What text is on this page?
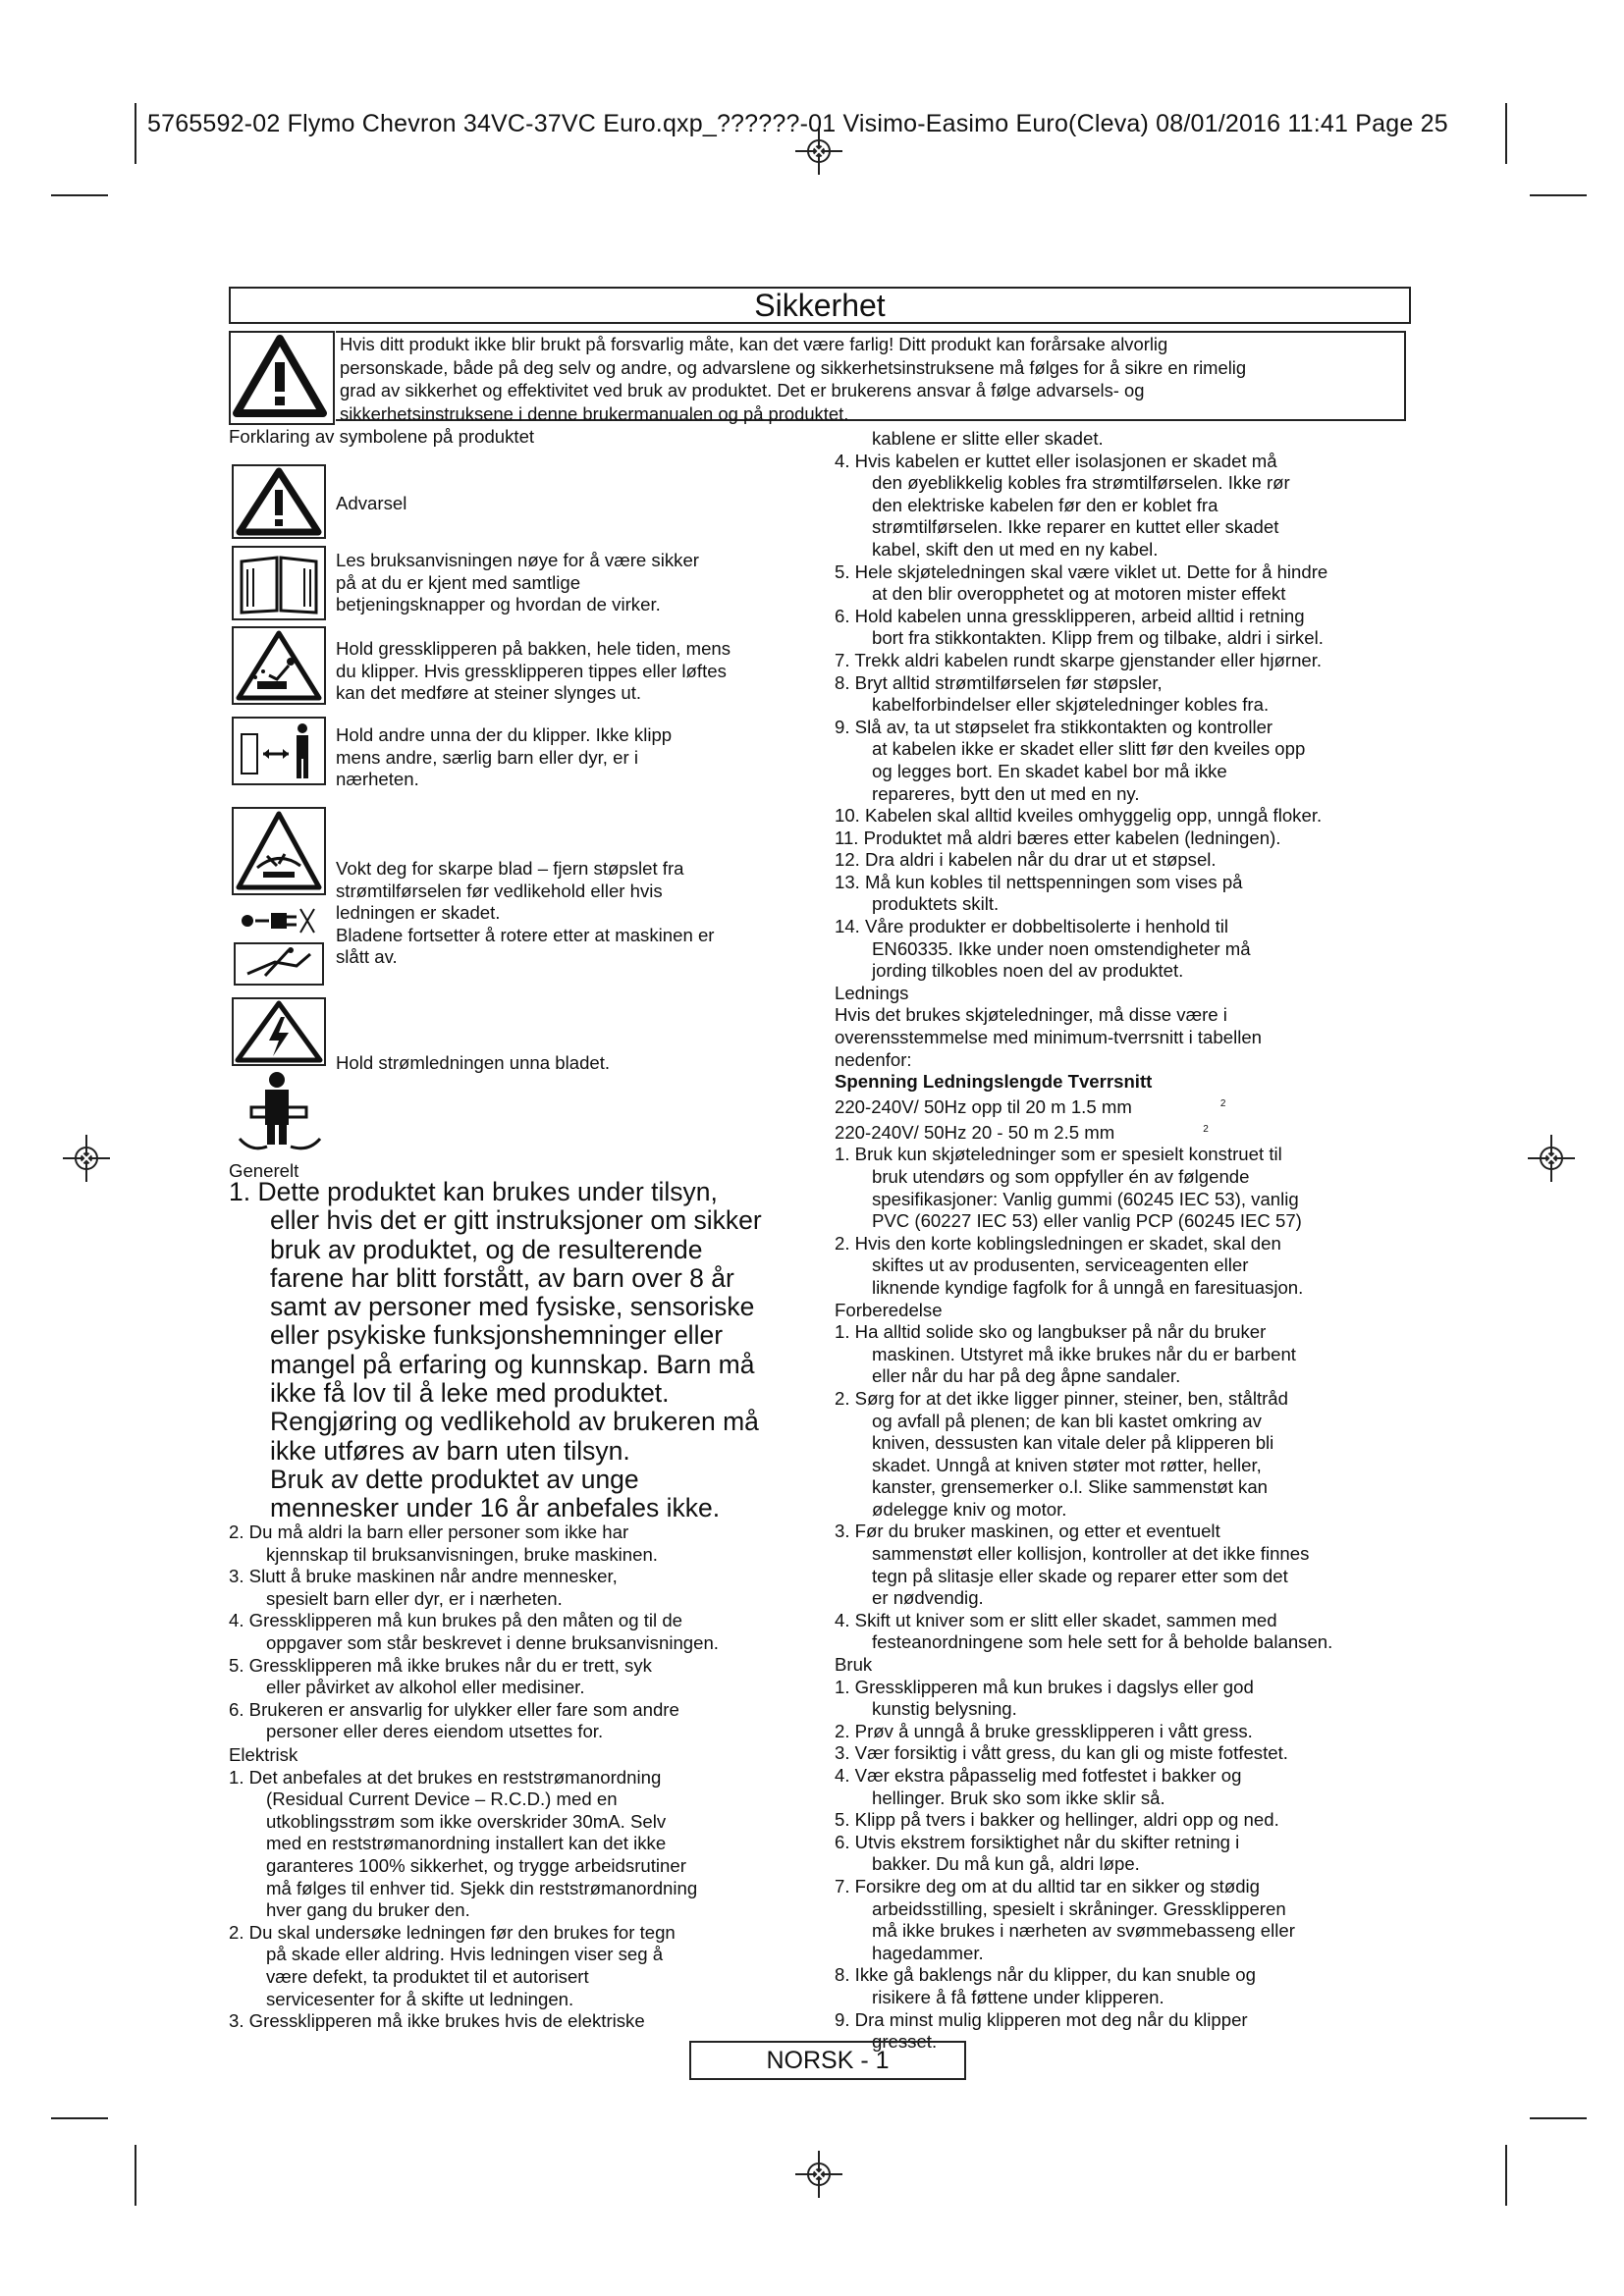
5765592-02 Flymo Chevron 34VC-37VC Euro.qxp_??????-01 Visimo-Easimo Euro(Cleva) 08/01/2016 11:41 Page 25
Sikkerhet
Hvis ditt produkt ikke blir brukt på forsvarlig måte, kan det være farlig! Ditt produkt kan forårsake alvorlig
personskade, både på deg selv og andre, og advarslene og sikkerhetsinstruksene må følges for å sikre en rimelig
grad av sikkerhet og effektivitet ved bruk av produktet. Det er brukerens ansvar å følge advarsels- og
sikkerhetsinstruksene i denne brukermanualen og på produktet.
Forklaring av symbolene på produktet
Advarsel
Les bruksanvisningen nøye for å være sikker
på at du er kjent med samtlige
betjeningsknapper og hvordan de virker.
Hold gressklipperen på bakken, hele tiden, mens
du klipper. Hvis gressklipperen tippes eller løftes
kan det medføre at steiner slynges ut.
Hold andre unna der du klipper. Ikke klipp
mens andre, særlig barn eller dyr, er i
nærheten.
Vokt deg for skarpe blad – fjern støpslet fra
strømtilførselen før vedlikehold eller hvis
ledningen er skadet.
Bladene fortsetter å rotere etter at maskinen er
slått av.
Hold strømledningen unna bladet.
Generelt
1. Dette produktet kan brukes under tilsyn,
eller hvis det er gitt instruksjoner om sikker
bruk av produktet, og de resulterende
farene har blitt forstått, av barn over 8 år
samt av personer med fysiske, sensoriske
eller psykiske funksjonshemninger eller
mangel på erfaring og kunnskap. Barn må
ikke få lov til å leke med produktet.
Rengjøring og vedlikehold av brukeren må
ikke utføres av barn uten tilsyn.
Bruk av dette produktet av unge
mennesker under 16 år anbefales ikke.
2. Du må aldri la barn eller personer som ikke har
kjennskap til bruksanvisningen, bruke maskinen.
3. Slutt å bruke maskinen når andre mennesker,
spesielt barn eller dyr, er i nærheten.
4. Gressklipperen må kun brukes på den måten og til de
oppgaver som står beskrevet i denne bruksanvisningen.
5. Gressklipperen må ikke brukes når du er trett, syk
eller påvirket av alkohol eller medisiner.
6. Brukeren er ansvarlig for ulykker eller fare som andre
personer eller deres eiendom utsettes for.
Elektrisk
1. Det anbefales at det brukes en reststrømanordning
(Residual Current Device – R.C.D.) med en
utkoblingsstrøm som ikke overskrider 30mA. Selv
med en reststrømanordning installert kan det ikke
garanteres 100% sikkerhet, og trygge arbeidsrutiner
må følges til enhver tid. Sjekk din reststrømanordning
hver gang du bruker den.
2. Du skal undersøke ledningen før den brukes for tegn
på skade eller aldring. Hvis ledningen viser seg å
være defekt, ta produktet til et autorisert
servicesenter for å skifte ut ledningen.
3. Gressklipperen må ikke brukes hvis de elektriske
kablene er slitte eller skadet.
4. Hvis kabelen er kuttet eller isolasjonen er skadet må
den øyeblikkelig kobles fra strømtilførselen. Ikke rør
den elektriske kabelen før den er koblet fra
strømtilførselen. Ikke reparer en kuttet eller skadet
kabel, skift den ut med en ny kabel.
5. Hele skjøteledningen skal være viklet ut. Dette for å hindre
at den blir overopphetet og at motoren mister effekt
6. Hold kabelen unna gressklipperen, arbeid alltid i retning
bort fra stikkontakten. Klipp frem og tilbake, aldri i sirkel.
7. Trekk aldri kabelen rundt skarpe gjenstander eller hjørner.
8. Bryt alltid strømtilførselen før støpsler,
kabelforbindelser eller skjøteledninger kobles fra.
9. Slå av, ta ut støpselet fra stikkontakten og kontroller
at kabelen ikke er skadet eller slitt før den kveiles opp
og legges bort. En skadet kabel bor må ikke
repareres, bytt den ut med en ny.
10. Kabelen skal alltid kveiles omhyggelig opp, unngå floker.
11. Produktet må aldri bæres etter kabelen (ledningen).
12. Dra aldri i kabelen når du drar ut et støpsel.
13. Må kun kobles til nettspenningen som vises på
produktets skilt.
14. Våre produkter er dobbeltisolerte i henhold til
EN60335. Ikke under noen omstendigheter må
jording tilkobles noen del av produktet.
Lednings
Hvis det brukes skjøteledninger, må disse være i
overensstemmelse med minimum-tverrsnitt i tabellen
nedenfor:
Spenning Ledningslengde Tverrsnitt
220-240V/ 50Hz opp til 20 m 1.5 mm	$^2$
220-240V/ 50Hz 20 - 50 m 2.5 mm	$^2$
1. Bruk kun skjøteledninger som er spesielt konstruet til
bruk utendørs og som oppfyller én av følgende
spesifikasjoner: Vanlig gummi (60245 IEC 53), vanlig
PVC (60227 IEC 53) eller vanlig PCP (60245 IEC 57)
2. Hvis den korte koblingsledningen er skadet, skal den
skiftes ut av produsenten, serviceagenten eller
liknende kyndige fagfolk for å unngå en faresituasjon.
Forberedelse
1. Ha alltid solide sko og langbukser på når du bruker
maskinen. Utstyret må ikke brukes når du er barbent
eller når du har på deg åpne sandaler.
2. Sørg for at det ikke ligger pinner, steiner, ben, ståltråd
og avfall på plenen; de kan bli kastet omkring av
kniven, dessusten kan vitale deler på klipperen bli
skadet. Unngå at kniven støter mot røtter, heller,
kanster, grensemerker o.l. Slike sammenstøt kan
ødelegge kniv og motor.
3. Før du bruker maskinen, og etter et eventuelt
sammenstøt eller kollisjon, kontroller at det ikke finnes
tegn på slitasje eller skade og reparer etter som det
er nødvendig.
4. Skift ut kniver som er slitt eller skadet, sammen med
festeanordningene som hele sett for å beholde balansen.
Bruk
1. Gressklipperen må kun brukes i dagslys eller god
kunstig belysning.
2. Prøv å unngå å bruke gressklipperen i vått gress.
3. Vær forsiktig i vått gress, du kan gli og miste fotfestet.
4. Vær ekstra påpasselig med fotfestet i bakker og
hellinger. Bruk sko som ikke sklir så.
5. Klipp på tvers i bakker og hellinger, aldri opp og ned.
6. Utvis ekstrem forsiktighet når du skifter retning i
bakker. Du må kun gå, aldri løpe.
7. Forsikre deg om at du alltid tar en sikker og stødig
arbeidsstilling, spesielt i skråninger. Gressklipperen
må ikke brukes i nærheten av svømmebasseng eller
hagedammer.
8. Ikke gå baklengs når du klipper, du kan snuble og
risikere å få føttene under klipperen.
9. Dra minst mulig klipperen mot deg når du klipper
gresset.
NORSK - 1
